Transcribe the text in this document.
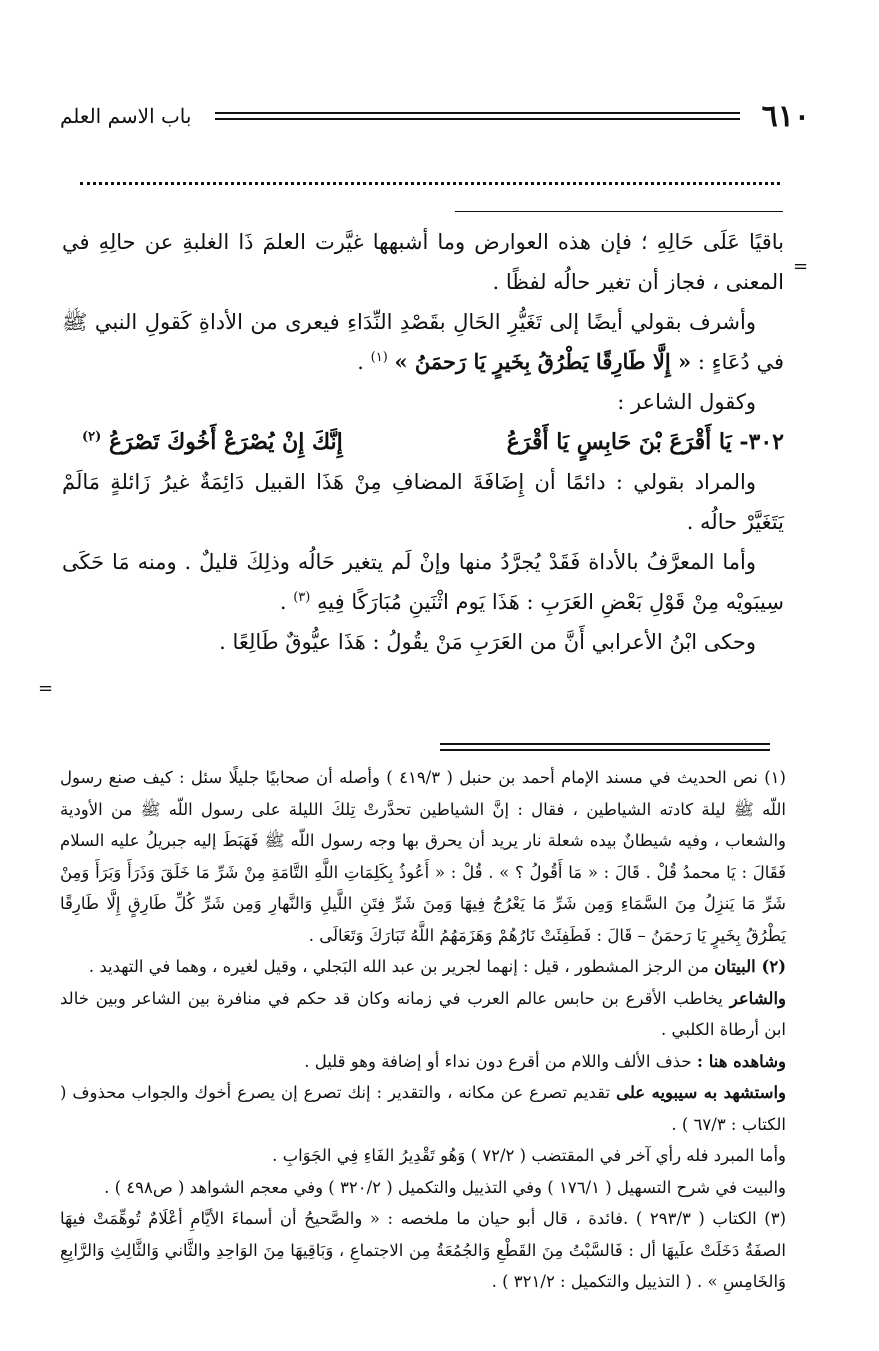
٦١٠
باب الاسم العلم
=
=

باقيًا عَلَى حَالِهِ ؛ فإن هذه العوارض وما أشبهها غيَّرت العلمَ ذَا الغلبةِ عن حالِهِ في المعنى ، فجاز أن تغير حالُه لفظًا .

وأشرف بقولي أيضًا إلى تَغَيُّرِ الحَالِ بقَصْدِ النِّدَاءِ فيعرى من الأداةِ كَقولِ النبي ﷺ في دُعَاءٍ : « إِلَّا طَارِقًا يَطْرُقُ بِخَيرٍ يَا رَحمَنُ » $^{(١)}$ .

وكقول الشاعر :

٣٠٢- يَا أَقْرَعَ بْنَ حَابِسٍ يَا أَقْرَعُ
إِنَّكَ إِنْ يُصْرَعْ أَخُوكَ تَصْرَعُ $^{(٢)}$

والمراد بقولي : دائمًا أن إِضَافَةَ المضافِ مِنْ هَذَا القبيل دَائِمَةٌ غيرُ زَائلةٍ مَالَمْ يَتَغَيَّرْ حالُه .

وأما المعرَّفُ بالأداة فَقَدْ يُجرَّدُ منها وإنْ لَم يتغير حَالُه وذلِكَ قليلٌ . ومنه مَا حَكَى سِيبَويْه مِنْ قَوْلِ بَعْضِ العَرَبِ : هَذَا يَوم اثْنَينِ مُبَارَكًا فِيهِ $^{(٣)}$ .

وحكى ابْنُ الأعرابي أَنَّ من العَرَبِ مَنْ يقُولُ : هَذَا عيُّوقٌ طَالِعًا .

(١) نص الحديث في مسند الإمام أحمد بن حنبل ( ٤١٩/٣ ) وأصله أن صحابيًا جليلًا سئل : كيف صنع رسول اللّه ﷺ ليلة كادته الشياطين ، فقال : إنَّ الشياطين تحدَّرتْ تِلكَ الليلة على رسول اللّه ﷺ من الأودية والشعاب ، وفيه شيطانٌ بيده شعلة نار يريد أن يحرق بها وجه رسول اللّه ﷺ فَهَبَطَ إليه جبريلُ عليه السلام فَقَالَ : يَا محمدُ قُلْ . قَالَ : « مَا أَقُولُ ؟ » . قُلْ : « أَعُوذُ بِكَلِمَاتِ اللَّهِ التَّامَةِ مِنْ شَرِّ مَا خَلَقَ وَذَرَأَ وَبَرَأَ وَمِنْ شَرِّ مَا يَنزِلُ مِنَ السَّمَاءِ وَمِن شَرِّ مَا يَعْرُجُ فِيهَا وَمِنَ شَرِّ فِتَنِ اللَّيلِ وَالنَّهارِ وَمِن شَرِّ كُلِّ طَارِقٍ إِلَّا طَارِقًا يَطْرُقُ بِخَيرٍ يَا رَحمَنُ – قَالَ : فَطَفِئَتْ نَارُهُمْ وَهَزَمَهُمُ اللَّهُ تَبَارَكَ وَتَعَالَى .

(٢) البيتان من الرجز المشطور ، قيل : إنهما لجرير بن عبد الله البَجلي ، وقيل لغيره ، وهما في التهديد .

والشاعر يخاطب الأقرع بن حابس عالم العرب في زمانه وكان قد حكم في منافرة بين الشاعر وبين خالد ابن أرطاة الكلبي .

وشاهده هنا : حذف الألف واللام من أقرع دون نداء أو إضافة وهو قليل .

واستشهد به سيبويه على تقديم تصرع عن مكانه ، والتقدير : إنك تصرع إن يصرع أخوك والجواب محذوف ( الكتاب : ٦٧/٣ ) .

وأما المبرد فله رأي آخر في المقتضب ( ٧٢/٢ ) وَهُو تَقْدِيرُ الفَاءِ فِي الجَوَابِ .

والبيت في شرح التسهيل ( ١٧٦/١ ) وفي التذييل والتكميل ( ٣٢٠/٢ ) وفي معجم الشواهد ( ص٤٩٨ ) .

(٣) الكتاب ( ٢٩٣/٣ ) .فائدة ، قال أبو حيان ما ملخصه : « والصَّحيحُ أن أسماءَ الأيَّامِ أعْلَامٌ تُوهِّمَتْ فيهَا الصفَةُ دَخَلَتْ علَيهَا أل : فَالسَّبْتُ مِنَ القَطْعِ وَالجُمُعَةُ مِن الاجتماعِ ، وَبَاقِيهَا مِنَ الوَاحِدِ والثَّاني وَالثَّالِثِ وَالرَّابِعِ وَالخَامِسِ » . ( التذييل والتكميل : ٣٢١/٢ ) .
